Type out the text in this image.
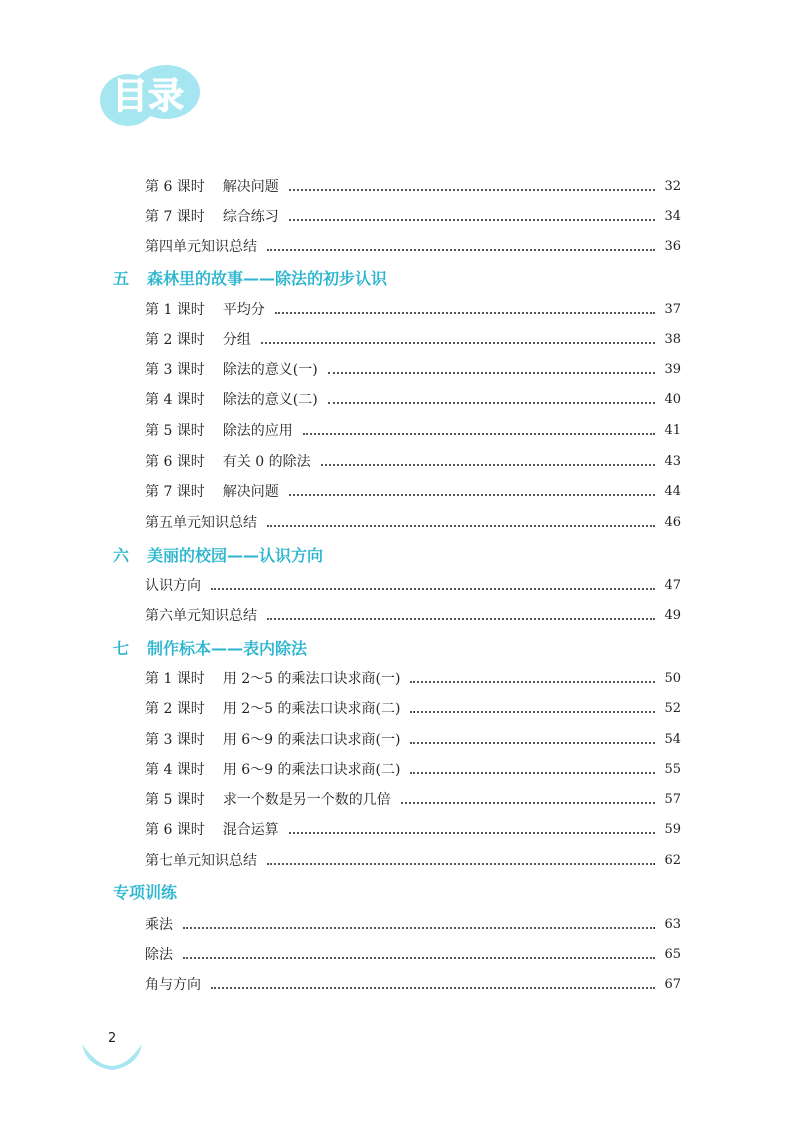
目录
第 6 课时 解决问题	32
第 7 课时 综合练习	34
第四单元知识总结	36
五	森林里的故事——除法的初步认识
第 1 课时 平均分	37
第 2 课时 分组	38
第 3 课时 除法的意义(一)	39
第 4 课时 除法的意义(二)	40
第 5 课时 除法的应用	41
第 6 课时 有关 0 的除法	43
第 7 课时 解决问题	44
第五单元知识总结	46
六	美丽的校园——认识方向
认识方向	47
第六单元知识总结	49
七	制作标本——表内除法
第 1 课时 用 2～5 的乘法口诀求商(一)	50
第 2 课时 用 2～5 的乘法口诀求商(二)	52
第 3 课时 用 6～9 的乘法口诀求商(一)	54
第 4 课时 用 6～9 的乘法口诀求商(二)	55
第 5 课时 求一个数是另一个数的几倍	57
第 6 课时 混合运算	59
第七单元知识总结	62
专项训练
乘法	63
除法	65
角与方向	67
2
